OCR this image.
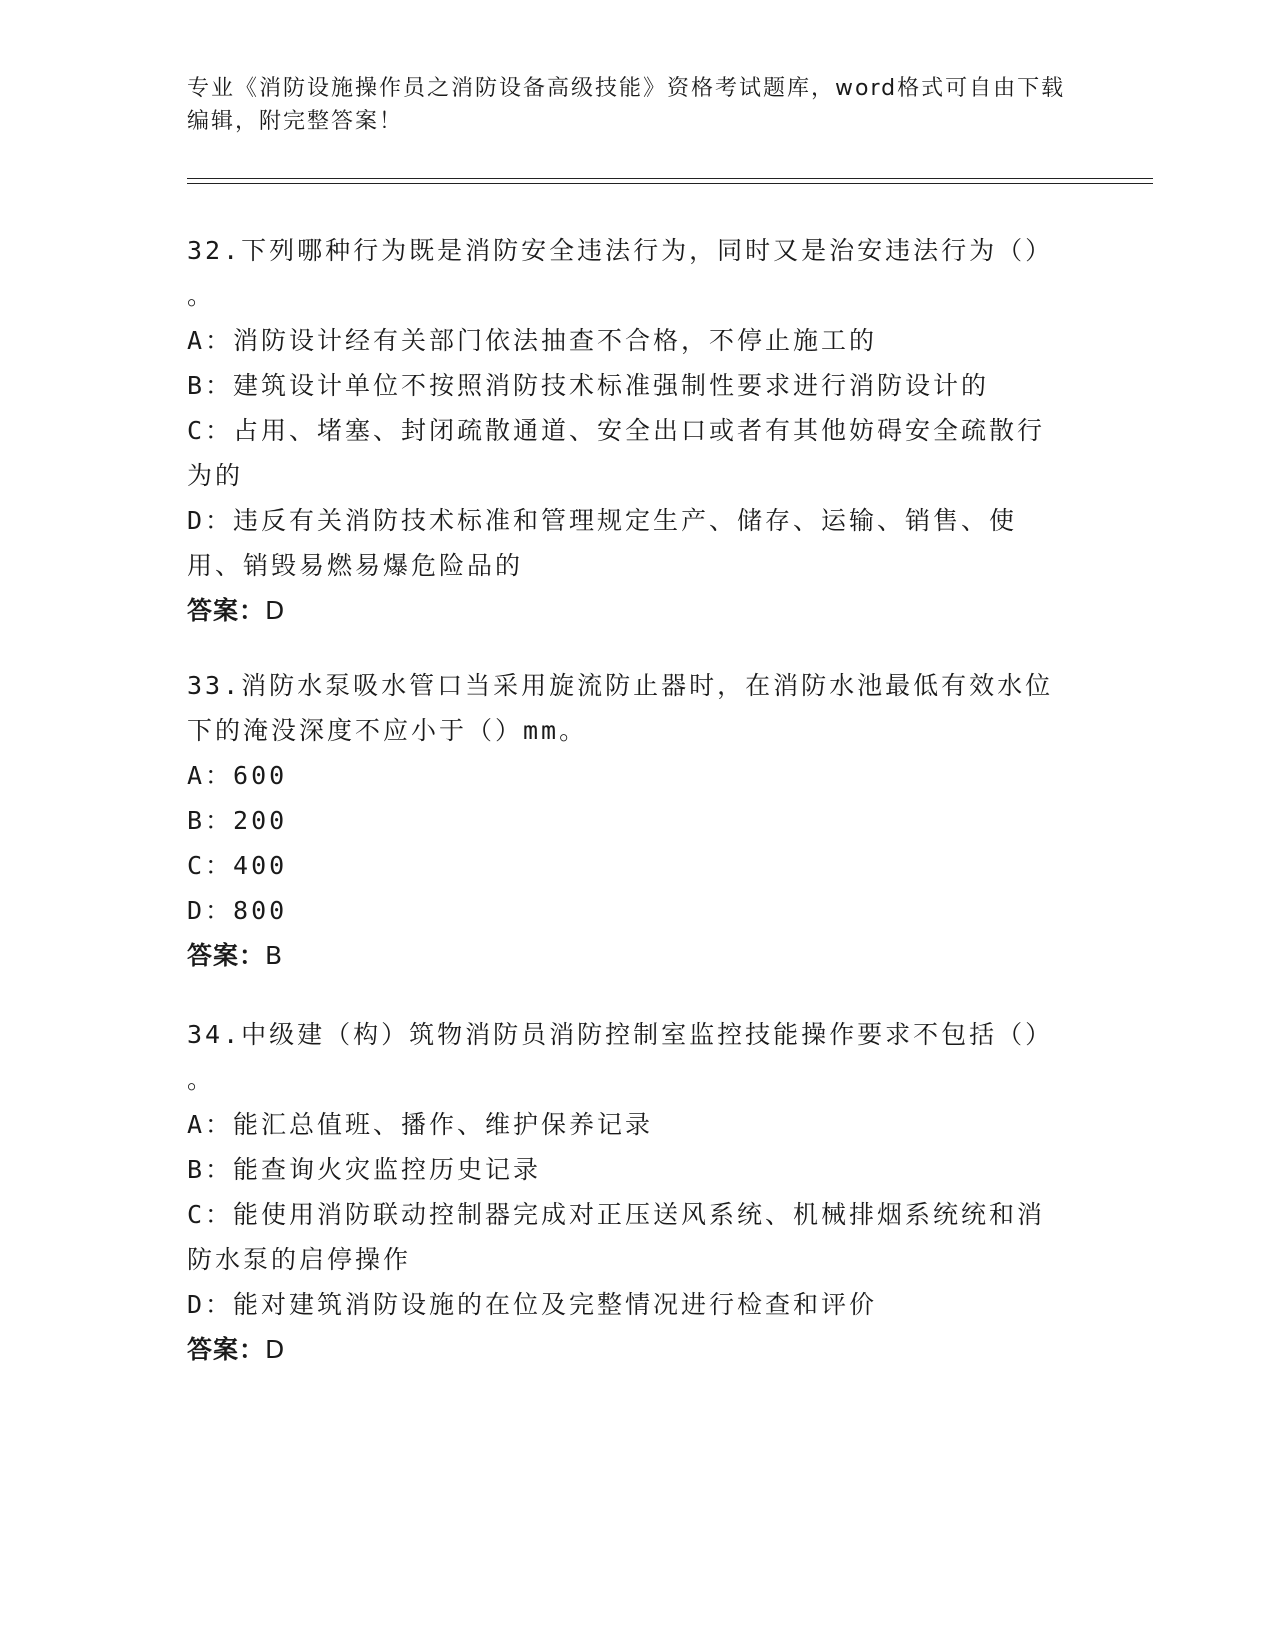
专业《消防设施操作员之消防设备高级技能》资格考试题库，word格式可自由下载编辑，附完整答案！

32.下列哪种行为既是消防安全违法行为，同时又是治安违法行为（）
。

A：消防设计经有关部门依法抽查不合格，不停止施工的

B：建筑设计单位不按照消防技术标准强制性要求进行消防设计的

C：占用、堵塞、封闭疏散通道、安全出口或者有其他妨碍安全疏散行为的

D：违反有关消防技术标准和管理规定生产、储存、运输、销售、使用、销毁易燃易爆危险品的

答案：D

33.消防水泵吸水管口当采用旋流防止器时，在消防水池最低有效水位下的淹没深度不应小于（）mm。

A：600

B：200

C：400

D：800

答案：B

34.中级建（构）筑物消防员消防控制室监控技能操作要求不包括（）
。

A：能汇总值班、播作、维护保养记录

B：能查询火灾监控历史记录

C：能使用消防联动控制器完成对正压送风系统、机械排烟系统统和消防水泵的启停操作

D：能对建筑消防设施的在位及完整情况进行检查和评价

答案：D
